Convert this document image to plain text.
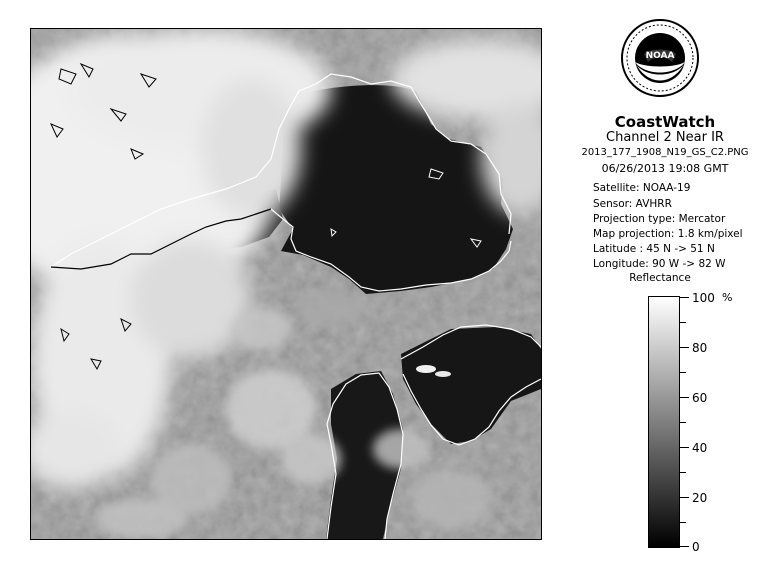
NOAA
CoastWatch
Channel 2 Near IR
2013_177_1908_N19_GS_C2.PNG
06/26/2013 19:08 GMT
Satellite: NOAA-19
Sensor: AVHRR
Projection type: Mercator
Map projection: 1.8 km/pixel
Latitude : 45 N -> 51 N
Longitude: 90 W -> 82 W
Reflectance
%
100
80
60
40
20
0
